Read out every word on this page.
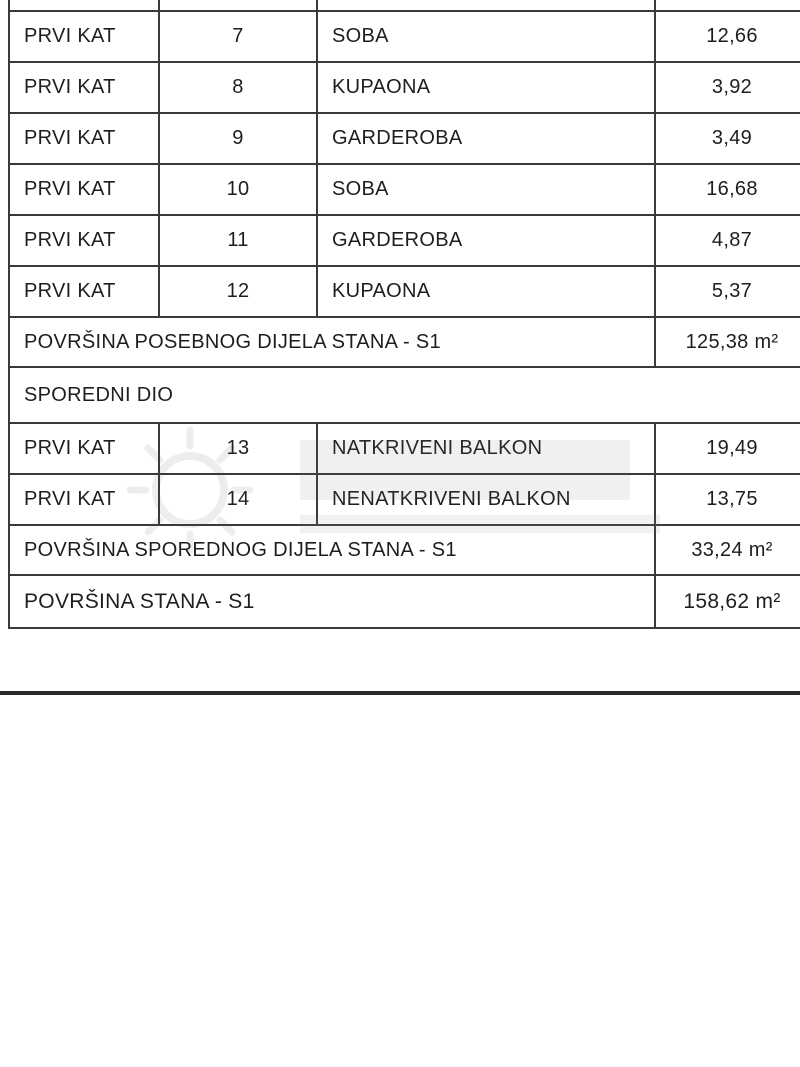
PRVI KAT	7	SOBA	12,66
PRVI KAT	8	KUPAONA	3,92
PRVI KAT	9	GARDEROBA	3,49
PRVI KAT	10	SOBA	16,68
PRVI KAT	11	GARDEROBA	4,87
PRVI KAT	12	KUPAONA	5,37
POVRŠINA POSEBNOG DIJELA STANA - S1			125,38 m²
SPOREDNI DIO			
PRVI KAT	13	NATKRIVENI BALKON	19,49
PRVI KAT	14	NENATKRIVENI BALKON	13,75
POVRŠINA SPOREDNOG DIJELA STANA - S1			33,24 m²
POVRŠINA STANA - S1			158,62 m²
